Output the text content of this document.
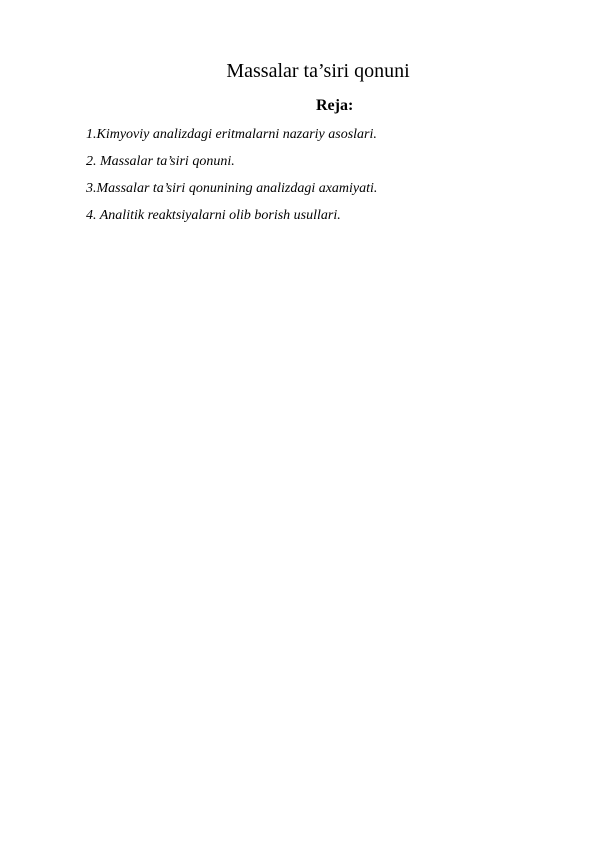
Massalar ta’siri qonuni
Reja:
1.Kimyoviy analizdagi eritmalarni nazariy asoslari.
2. Massalar ta’siri qonuni.
3.Massalar ta’siri qonunining analizdagi axamiyati.
4. Analitik reaktsiyalarni olib borish usullari.
